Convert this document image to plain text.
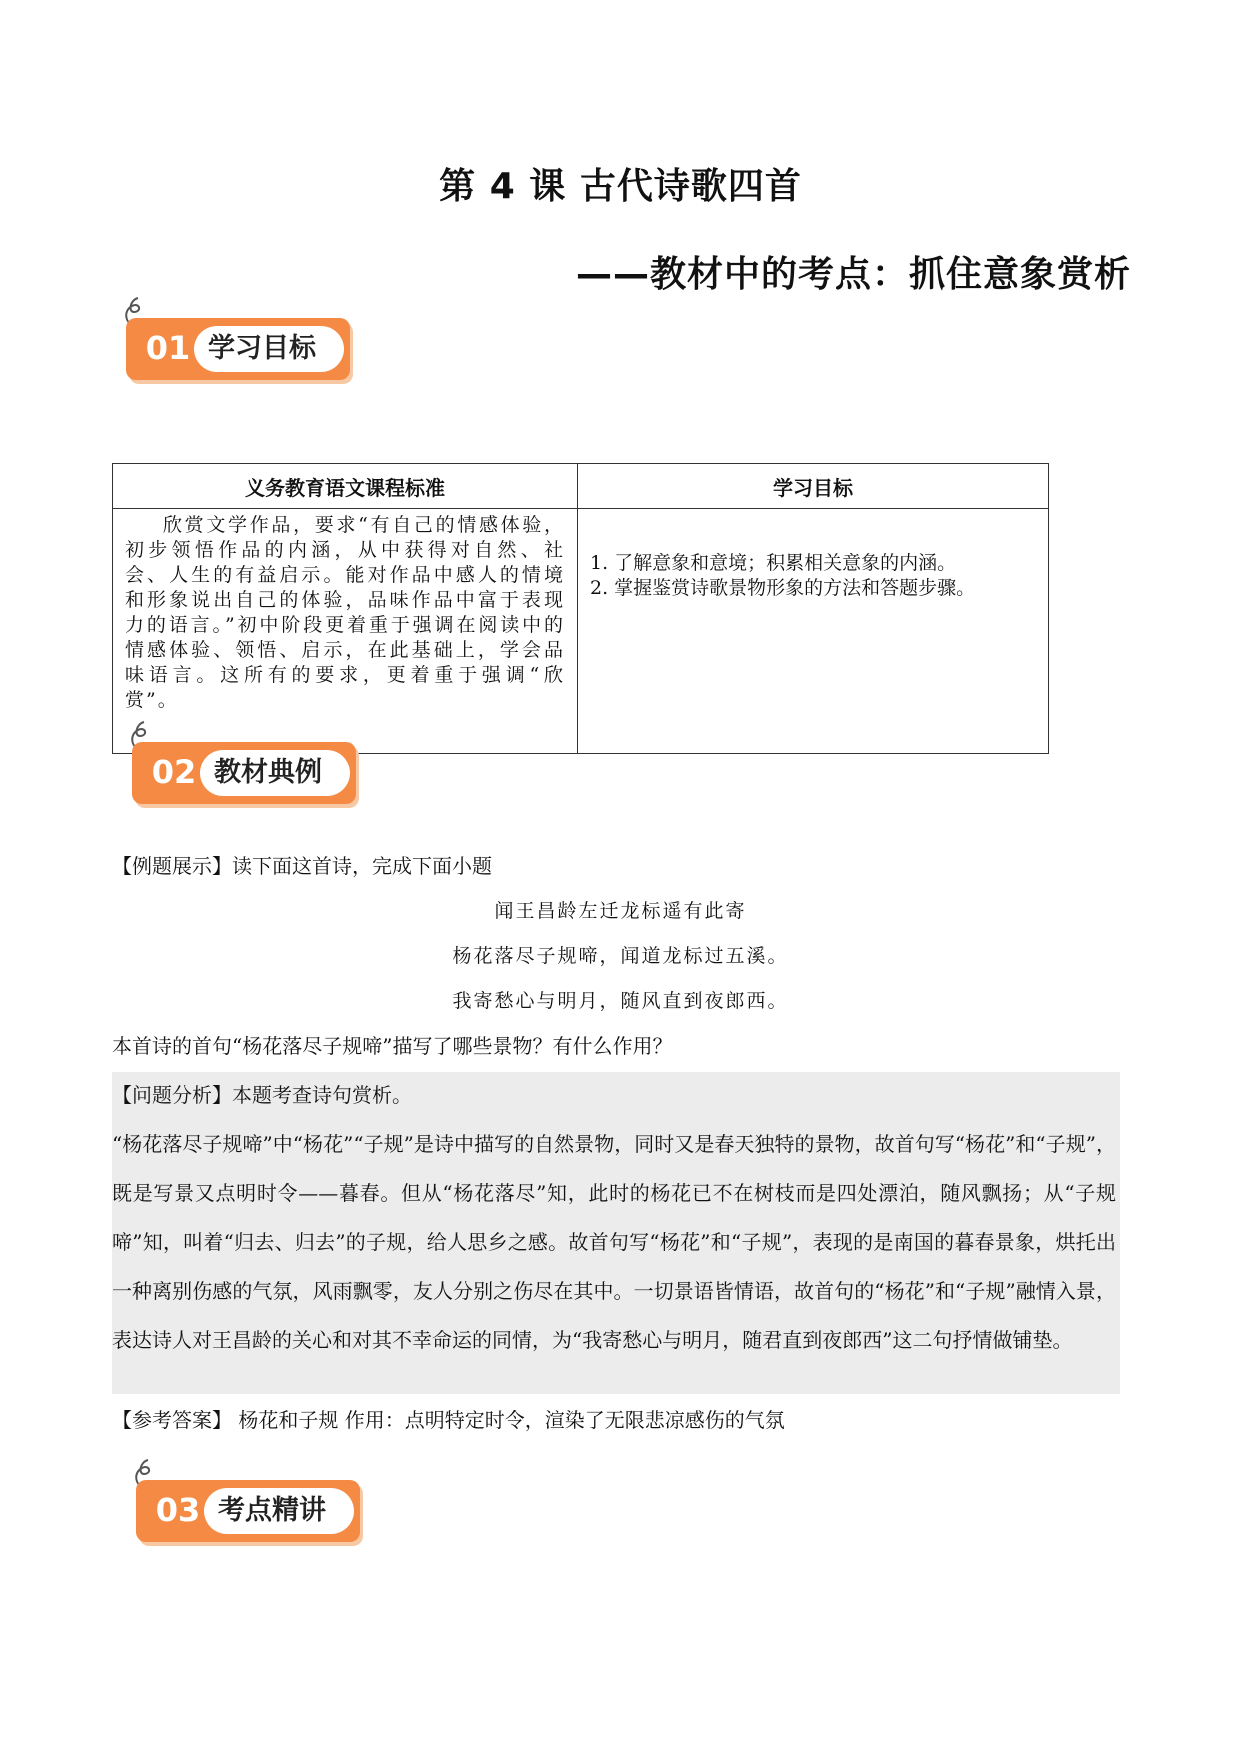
第 4 课 古代诗歌四首
——教材中的考点：抓住意象赏析
01 学习目标
义务教育语文课程标准	学习目标
欣赏文学作品，要求“有自己的情感体验，初步领悟作品的内涵，从中获得对自然、社会、人生的有益启示。能对作品中感人的情境和形象说出自己的体验，品味作品中富于表现力的语言。”初中阶段更着重于强调在阅读中的情感体验、领悟、启示，在此基础上，学会品味语言。这所有的要求，更着重于强调“欣赏”。	1. 了解意象和意境；积累相关意象的内涵。
2. 掌握鉴赏诗歌景物形象的方法和答题步骤。
02 教材典例
【例题展示】读下面这首诗，完成下面小题
闻王昌龄左迁龙标遥有此寄
杨花落尽子规啼，闻道龙标过五溪。
我寄愁心与明月，随风直到夜郎西。
本首诗的首句“杨花落尽子规啼”描写了哪些景物？有什么作用？

【问题分析】本题考查诗句赏析。

“杨花落尽子规啼”中“杨花”“子规”是诗中描写的自然景物，同时又是春天独特的景物，故首句写“杨花”和“子规”，既是写景又点明时令——暮春。但从“杨花落尽”知，此时的杨花已不在树枝而是四处漂泊，随风飘扬；从“子规啼”知，叫着“归去、归去”的子规，给人思乡之感。故首句写“杨花”和“子规”，表现的是南国的暮春景象，烘托出一种离别伤感的气氛，风雨飘零，友人分别之伤尽在其中。一切景语皆情语，故首句的“杨花”和“子规”融情入景，表达诗人对王昌龄的关心和对其不幸命运的同情，为“我寄愁心与明月，随君直到夜郎西”这二句抒情做铺垫。

【参考答案】 杨花和子规 作用：点明特定时令，渲染了无限悲凉感伤的气氛
03 考点精讲
